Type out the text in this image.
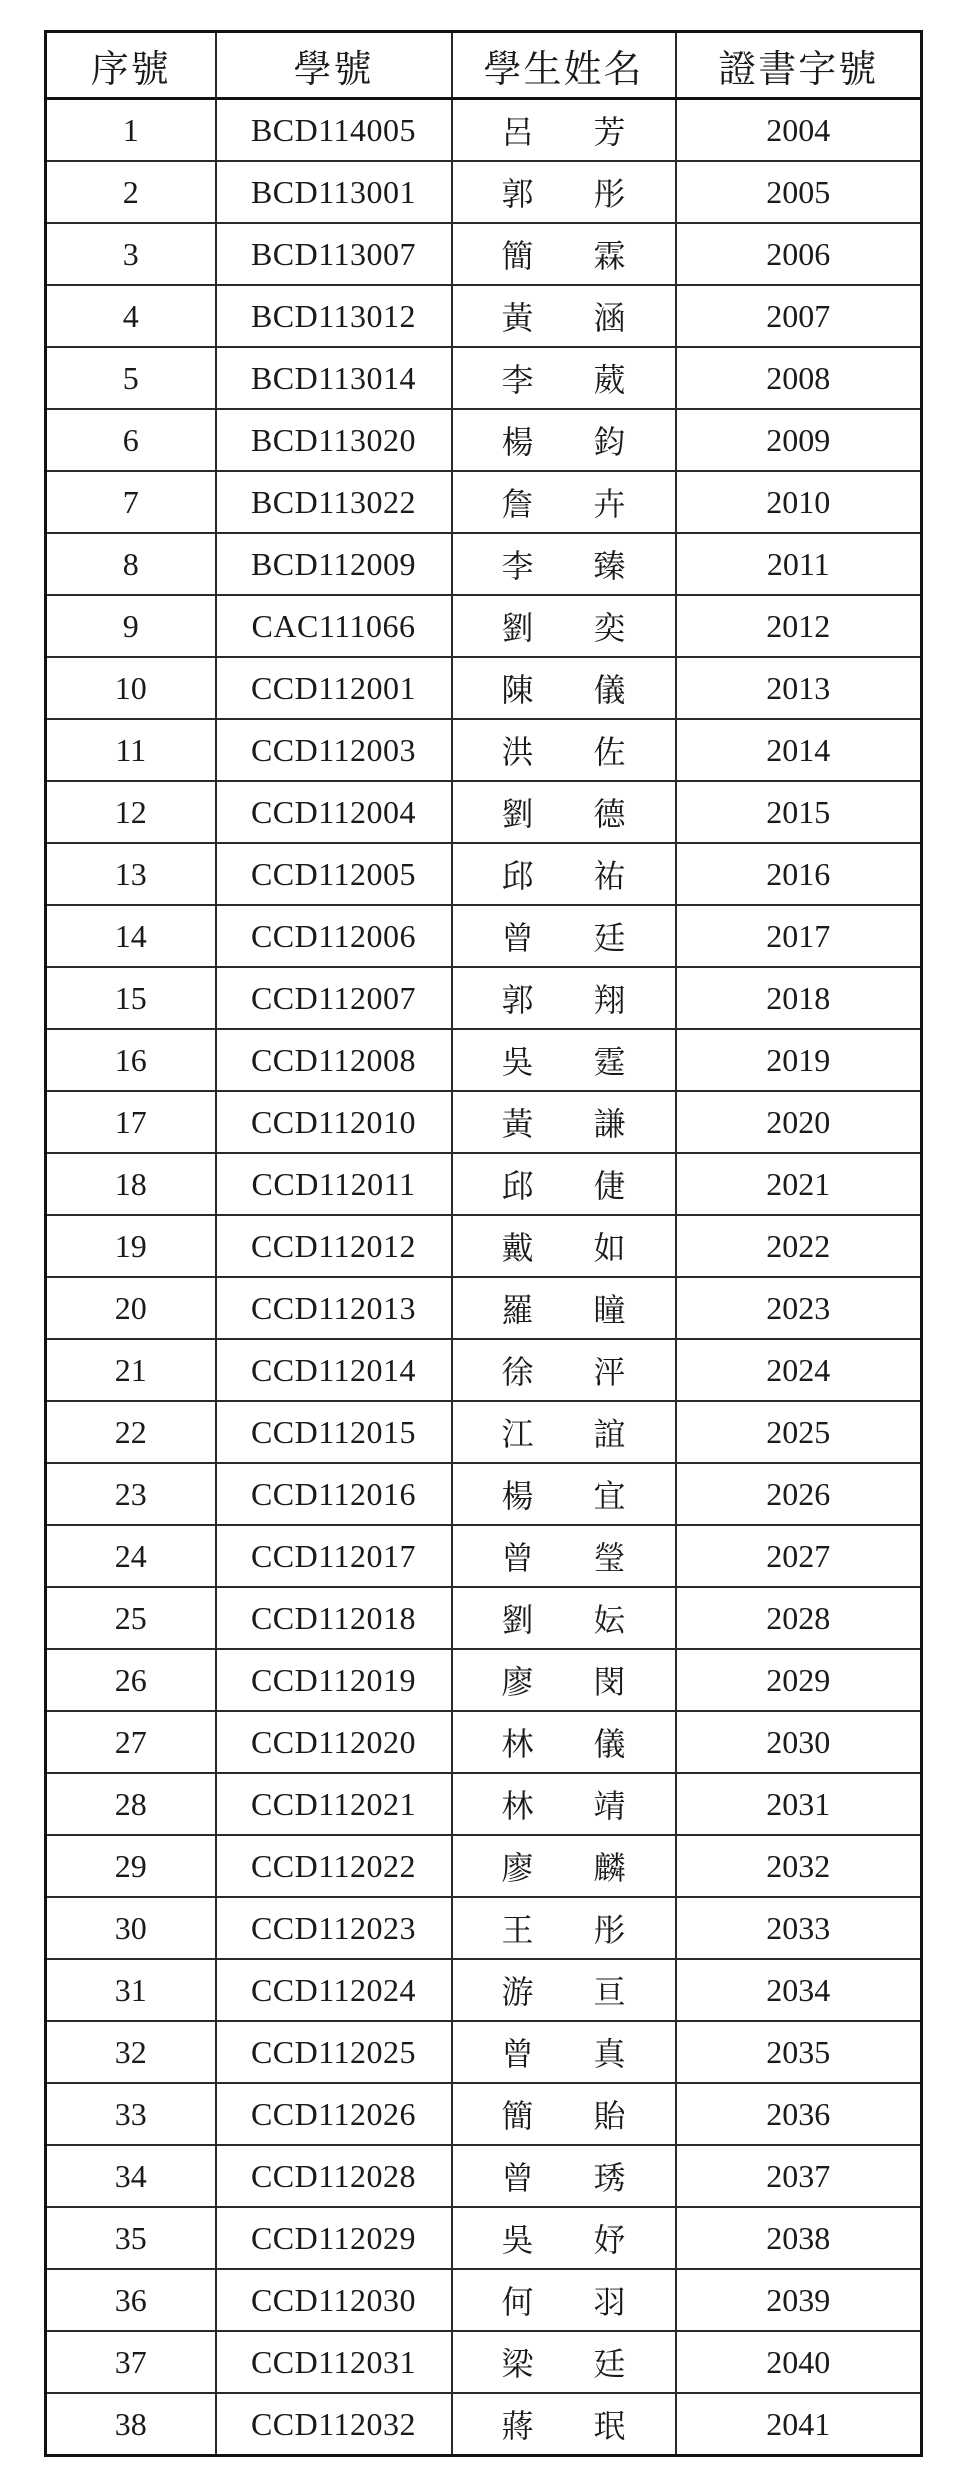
序號	學號	學生姓名	證書字號
1	BCD114005	呂 芳	2004
2	BCD113001	郭 彤	2005
3	BCD113007	簡 霖	2006
4	BCD113012	黃 涵	2007
5	BCD113014	李 葳	2008
6	BCD113020	楊 鈞	2009
7	BCD113022	詹 卉	2010
8	BCD112009	李 臻	2011
9	CAC111066	劉 奕	2012
10	CCD112001	陳 儀	2013
11	CCD112003	洪 佐	2014
12	CCD112004	劉 德	2015
13	CCD112005	邱 祐	2016
14	CCD112006	曾 廷	2017
15	CCD112007	郭 翔	2018
16	CCD112008	吳 霆	2019
17	CCD112010	黃 謙	2020
18	CCD112011	邱 倢	2021
19	CCD112012	戴 如	2022
20	CCD112013	羅 瞳	2023
21	CCD112014	徐 泙	2024
22	CCD112015	江 誼	2025
23	CCD112016	楊 宜	2026
24	CCD112017	曾 瑩	2027
25	CCD112018	劉 妘	2028
26	CCD112019	廖 閔	2029
27	CCD112020	林 儀	2030
28	CCD112021	林 靖	2031
29	CCD112022	廖 麟	2032
30	CCD112023	王 彤	2033
31	CCD112024	游 亘	2034
32	CCD112025	曾 真	2035
33	CCD112026	簡 貽	2036
34	CCD112028	曾 琇	2037
35	CCD112029	吳 妤	2038
36	CCD112030	何 羽	2039
37	CCD112031	梁 廷	2040
38	CCD112032	蔣 珉	2041
